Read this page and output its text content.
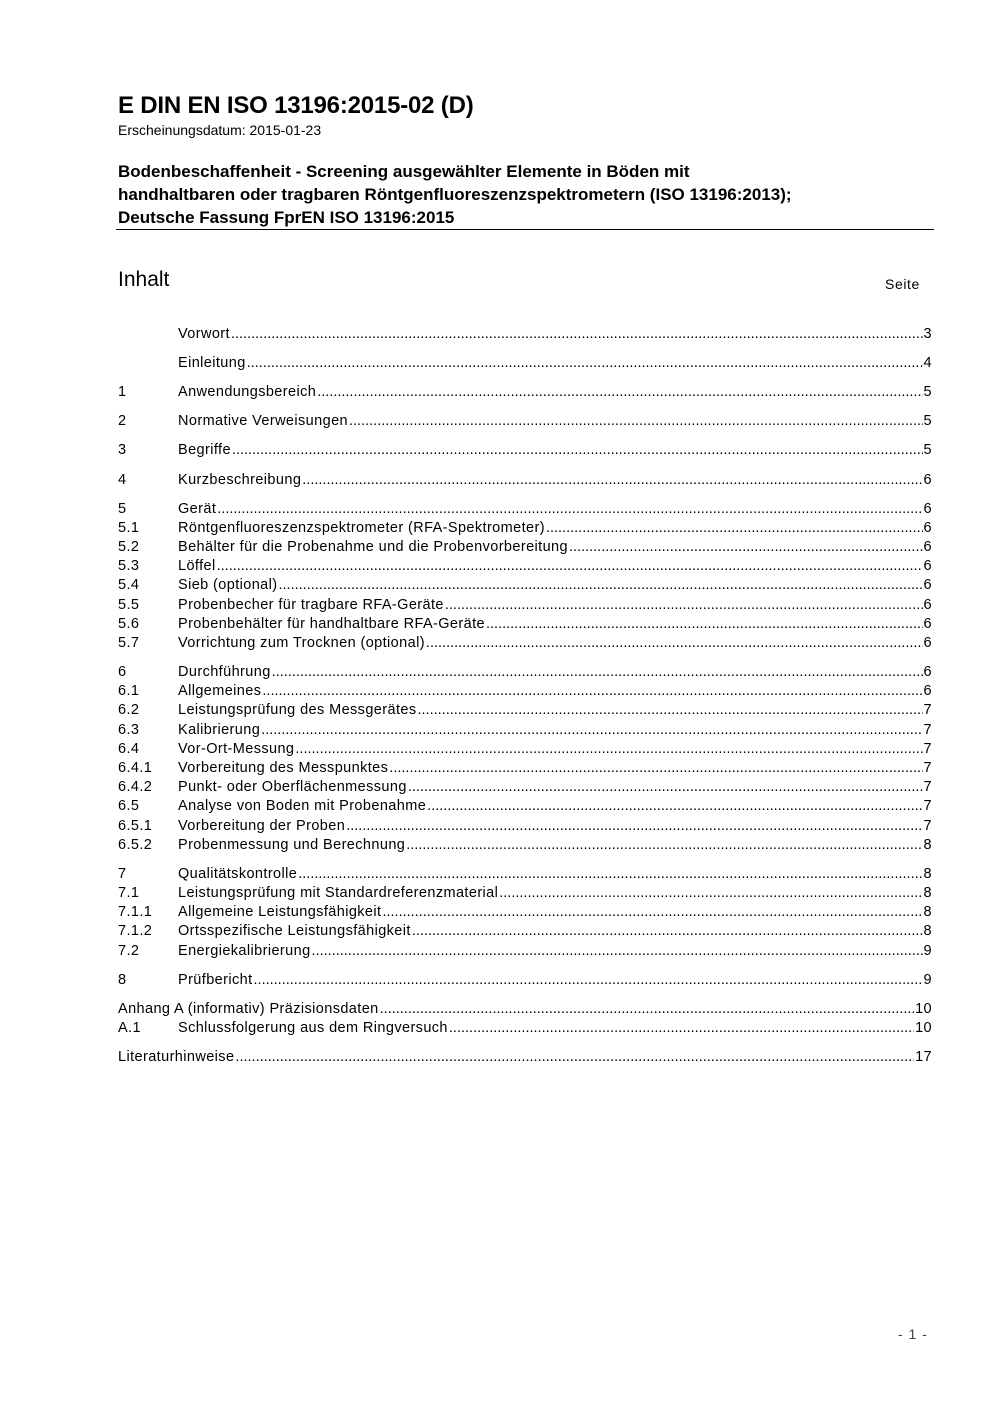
E DIN EN ISO 13196:2015-02 (D)
Erscheinungsdatum: 2015-01-23
Bodenbeschaffenheit - Screening ausgewählter Elemente in Böden mit
handhaltbaren oder tragbaren Röntgenfluoreszenzspektrometern (ISO 13196:2013);
Deutsche Fassung FprEN ISO 13196:2015
Inhalt	Seite
Vorwort .....	3
Einleitung .....	4
1	Anwendungsbereich .....	5
2	Normative Verweisungen .....	5
3	Begriffe .....	5
4	Kurzbeschreibung .....	6
5	Gerät .....	6
5.1	Röntgenfluoreszenzspektrometer (RFA-Spektrometer) .....	6
5.2	Behälter für die Probenahme und die Probenvorbereitung .....	6
5.3	Löffel .....	6
5.4	Sieb (optional) .....	6
5.5	Probenbecher für tragbare RFA-Geräte .....	6
5.6	Probenbehälter für handhaltbare RFA-Geräte .....	6
5.7	Vorrichtung zum Trocknen (optional) .....	6
6	Durchführung .....	6
6.1	Allgemeines .....	6
6.2	Leistungsprüfung des Messgerätes .....	7
6.3	Kalibrierung .....	7
6.4	Vor-Ort-Messung .....	7
6.4.1	Vorbereitung des Messpunktes .....	7
6.4.2	Punkt- oder Oberflächenmessung .....	7
6.5	Analyse von Boden mit Probenahme .....	7
6.5.1	Vorbereitung der Proben .....	7
6.5.2	Probenmessung und Berechnung .....	8
7	Qualitätskontrolle .....	8
7.1	Leistungsprüfung mit Standardreferenzmaterial .....	8
7.1.1	Allgemeine Leistungsfähigkeit .....	8
7.1.2	Ortsspezifische Leistungsfähigkeit .....	8
7.2	Energiekalibrierung .....	9
8	Prüfbericht .....	9
Anhang A (informativ) Präzisionsdaten .....	10
A.1	Schlussfolgerung aus dem Ringversuch .....	10
Literaturhinweise .....	17
- 1 -
